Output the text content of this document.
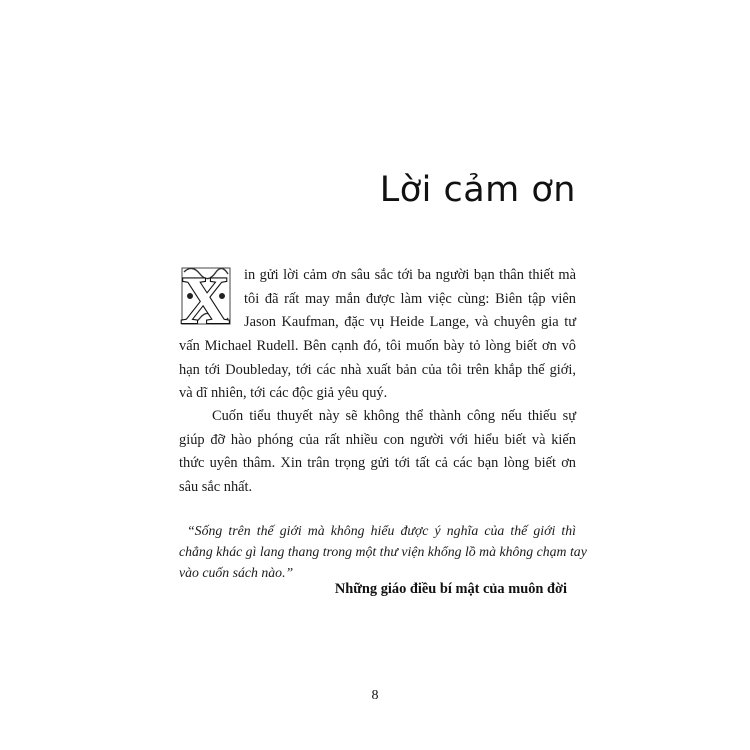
Lời cảm ơn
X in gửi lời cảm ơn sâu sắc tới ba người bạn thân thiết mà
tôi đã rất may mắn được làm việc cùng: Biên tập viên
Jason Kaufman, đặc vụ Heide Lange, và chuyên gia tư
vấn Michael Rudell. Bên cạnh đó, tôi muốn bày tỏ lòng biết ơn vô
hạn tới Doubleday, tới các nhà xuất bản của tôi trên khắp thế giới,
và dĩ nhiên, tới các độc giả yêu quý.
Cuốn tiểu thuyết này sẽ không thể thành công nếu thiếu sự
giúp đỡ hào phóng của rất nhiều con người với hiểu biết và kiến
thức uyên thâm. Xin trân trọng gửi tới tất cả các bạn lòng biết ơn
sâu sắc nhất.
“Sống trên thế giới mà không hiểu được ý nghĩa của thế giới thì
chẳng khác gì lang thang trong một thư viện khổng lồ mà không chạm tay
vào cuốn sách nào.”
Những giáo điều bí mật của muôn đời
8
